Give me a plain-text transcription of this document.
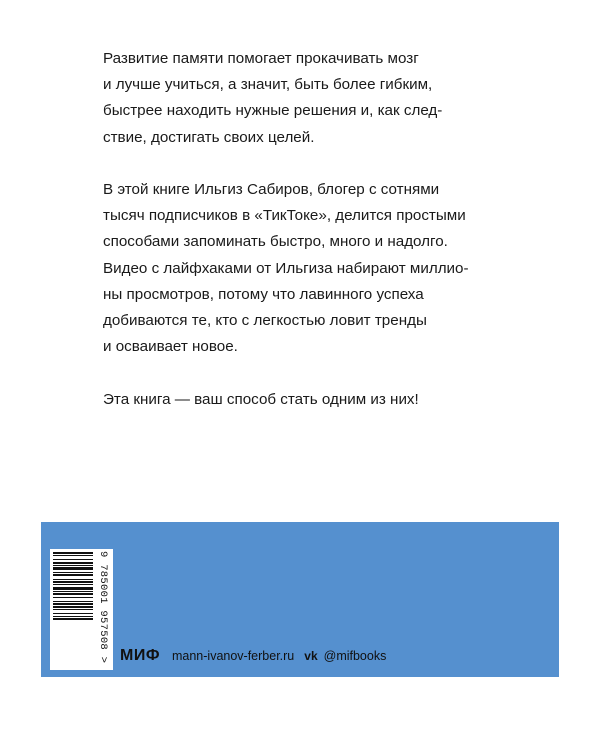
Развитие памяти помогает прокачивать мозг
и лучше учиться, а значит, быть более гибким,
быстрее находить нужные решения и, как след-
ствие, достигать своих целей.

В этой книге Ильгиз Сабиров, блогер с сотнями
тысяч подписчиков в «ТикТоке», делится простыми
способами запоминать быстро, много и надолго.
Видео с лайфхаками от Ильгиза набирают миллио-
ны просмотров, потому что лавинного успеха
добиваются те, кто с легкостью ловит тренды
и осваивает новое.

Эта книга — ваш способ стать одним из них!

9 785001 957508 > МИФ mann-ivanov-ferber.ru vk @mifbooks
